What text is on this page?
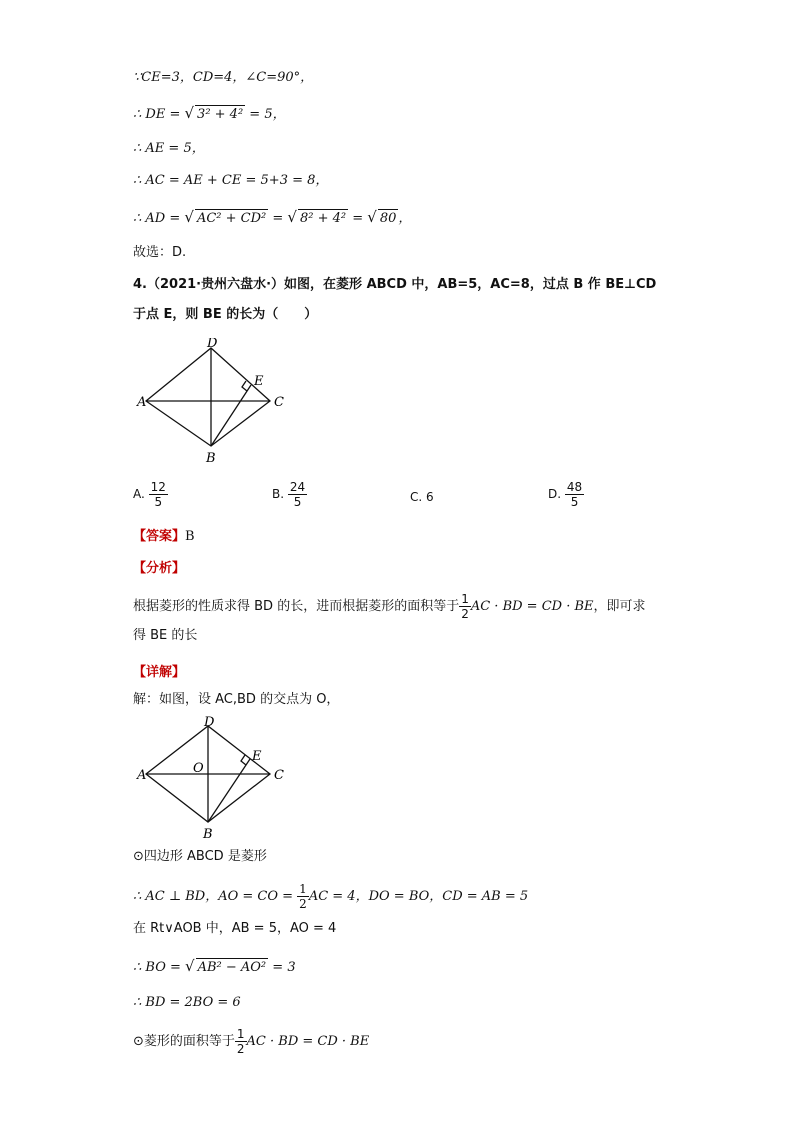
∵CE=3，CD=4，∠C=90°，
∴ DE = √ 3² + 4² = 5，
∴ AE = 5，
∴ AC = AE + CE = 5+3 = 8，
∴ AD = √ AC² + CD² = √ 8² + 4² = √ 80 ，
故选：D.
4.（2021·贵州六盘水·）如图，在菱形 ABCD 中，AB=5，AC=8，过点 B 作 BE⊥CD
于点 E，则 BE 的长为（　　）
A
D
C
B
E
A. $\frac{12}{5}$	B. $\frac{24}{5}$	C. 6	D. $\frac{48}{5}$
【答案】B
【分析】
根据菱形的性质求得 BD 的长，进而根据菱形的面积等于 $\frac{1}{2}$ AC · BD = CD · BE，即可求
得 BE 的长
【详解】
解：如图，设 AC,BD 的交点为 O，
A
D
C
B
E
O
⊙四边形 ABCD 是菱形
∴ AC ⊥ BD，AO = CO = $\frac{1}{2}$ AC = 4，DO = BO，CD = AB = 5
在 Rt∨AOB 中，AB = 5，AO = 4
∴ BO = √ AB² − AO² = 3
∴ BD = 2BO = 6
⊙菱形的面积等于 $\frac{1}{2}$ AC · BD = CD · BE
